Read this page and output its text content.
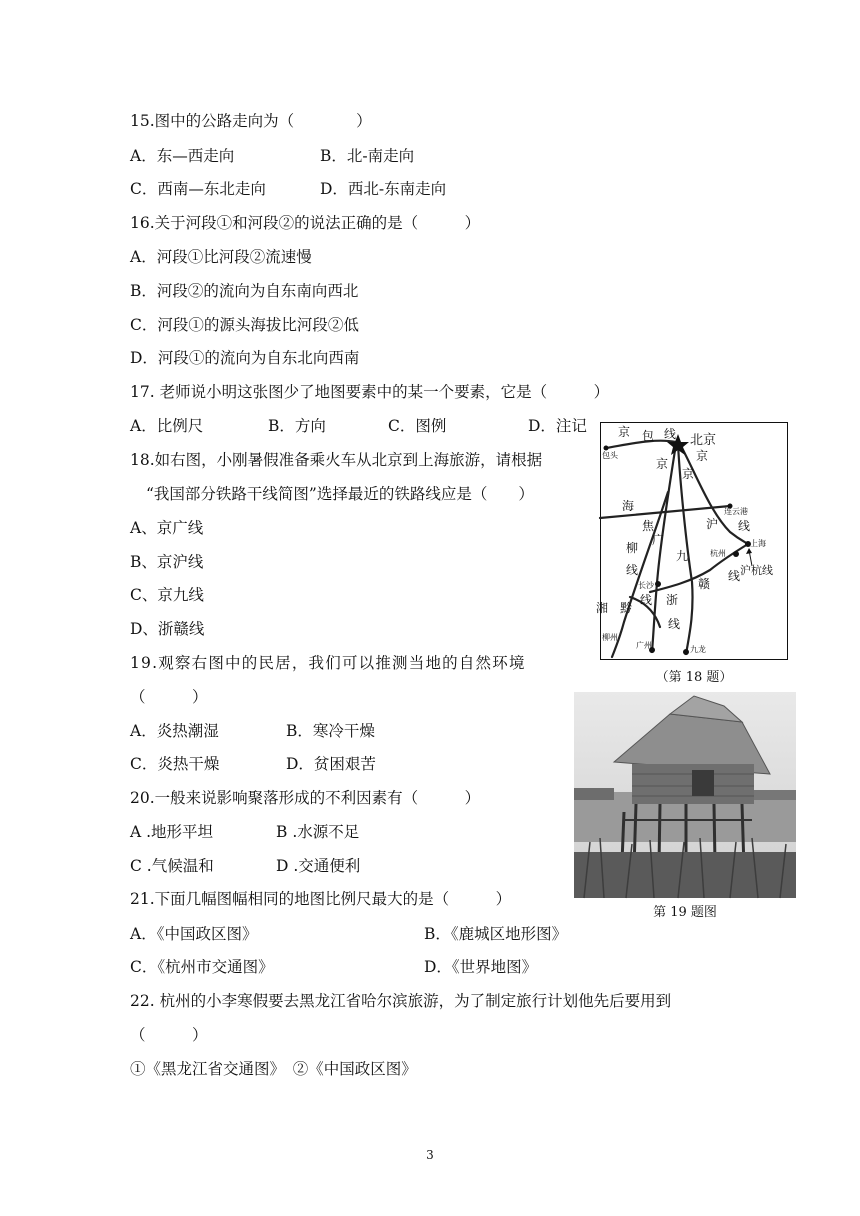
15.图中的公路走向为（　　　　）
A．东—西走向	B．北-南走向
C．西南—东北走向	D．西北-东南走向
16.关于河段①和河段②的说法正确的是（　　　）
A．河段①比河段②流速慢
B．河段②的流向为自东南向西北
C．河段①的源头海拔比河段②低
D．河段①的流向为自东北向西南
17. 老师说小明这张图少了地图要素中的某一个要素，它是（　　　）
A．比例尺	B．方向	C．图例	D．注记
18.如右图，小刚暑假准备乘火车从北京到上海旅游，请根据
“我国部分铁路干线简图”选择最近的铁路线应是（　　）
A、京广线
B、京沪线
C、京九线
D、浙赣线
19.观察右图中的民居，我们可以推测当地的自然环境
（　　　）
A．炎热潮湿	B．寒冷干燥
C．炎热干燥	D．贫困艰苦
20.一般来说影响聚落形成的不利因素有（　　　）
A .地形平坦	B .水源不足
C .气候温和	D .交通便利
21.下面几幅图幅相同的地图比例尺最大的是（　　　）
A．《中国政区图》	B．《鹿城区地形图》
C．《杭州市交通图》	D．《世界地图》
22. 杭州的小李寒假要去黑龙江省哈尔滨旅游，为了制定旅行计划他先后要用到
（　　　）
①《黑龙江省交通图》　②《中国政区图》
京 包 线 北京
京
京
京
海
焦
柳
线
广
九
沪 线
线
赣
浙
线
黔
湘
线
包头
连云港
上海
杭州
长沙
柳州
广州	九龙
沪杭线
（第 18 题）
第 19 题图
3
